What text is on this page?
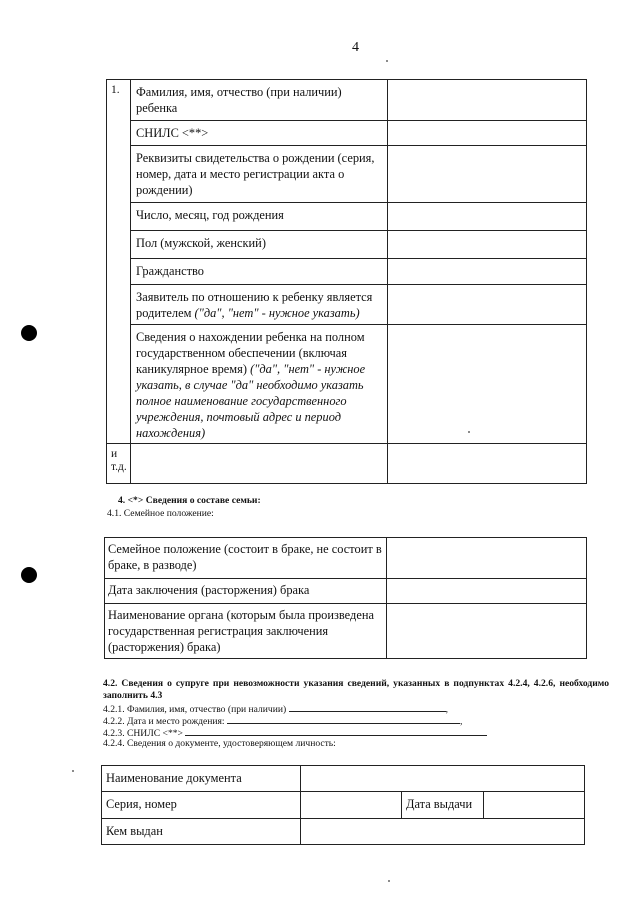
4
1.	Фамилия, имя, отчество (при наличии) ребенка	
	СНИЛС <**>	
	Реквизиты свидетельства о рождении (серия, номер, дата и место регистрации акта о рождении)	
	Число, месяц, год рождения	
	Пол (мужской, женский)	
	Гражданство	
	Заявитель по отношению к ребенку является родителем ("да", "нет" - нужное указать)	
	Сведения о нахождении ребенка на полном государственном обеспечении (включая каникулярное время) ("да", "нет" - нужное указать, в случае "да" необходимо указать полное наименование государственного учреждения, почтовый адрес и период нахождения)	
и т.д.		
4. <*> Сведения о составе семьи:
4.1. Семейное положение:
Семейное положение (состоит в браке, не состоит в браке, в разводе)	
Дата заключения (расторжения) брака	
Наименование органа (которым была произведена государственная регистрация заключения (расторжения) брака)	
4.2. Сведения о супруге при невозможности указания сведений, указанных в подпунктах 4.2.4, 4.2.6, необходимо заполнить 4.3
4.2.1. Фамилия, имя, отчество (при наличии)	,
4.2.2. Дата и место рождения:	,
4.2.3. СНИЛС <**>
4.2.4. Сведения о документе, удостоверяющем личность:
Наименование документа			
Серия, номер		Дата выдачи	
Кем выдан			
